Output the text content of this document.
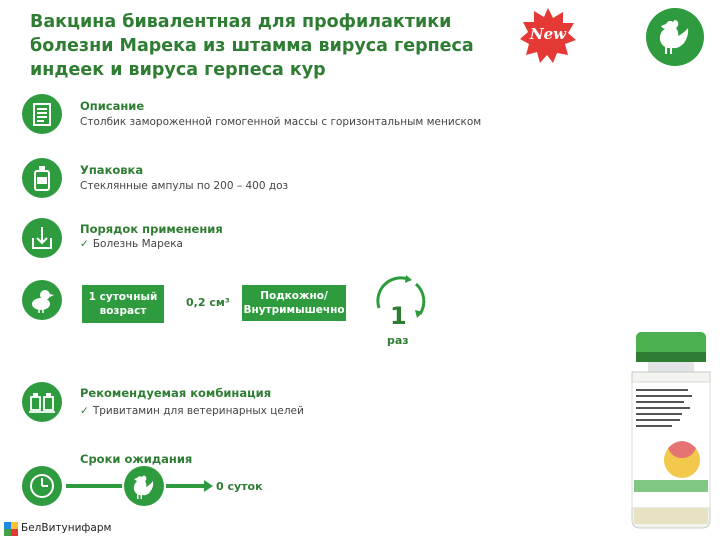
Вакцина бивалентная для профилактики болезни Марека из штамма вируса герпеса индеек и вируса герпеса кур
New
Описание
Столбик замороженной гомогенной массы с горизонтальным мениском
Упаковка
Стеклянные ампулы по 200 – 400 доз
Порядок применения
✓ Болезнь Марека
1 суточный
возраст
0,2 см³	Подкожно/
Внутримышечно 1
раз
Рекомендуемая комбинация
✓ Тривитамин для ветеринарных целей
Сроки ожидания
0 суток
БелВитунифарм
